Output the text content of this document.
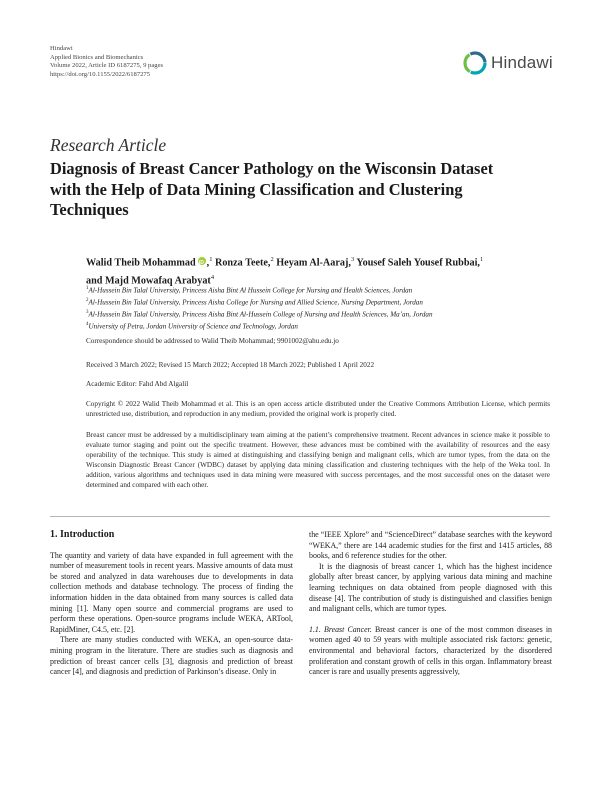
Hindawi
Applied Bionics and Biomechanics
Volume 2022, Article ID 6187275, 9 pages
https://doi.org/10.1155/2022/6187275
Hindawi
Research Article
Diagnosis of Breast Cancer Pathology on the Wisconsin Dataset with the Help of Data Mining Classification and Clustering Techniques
Walid Theib MohammadiD ,$^1$ Ronza Teete,$^2$ Heyam Al-Aaraj,$^3$ Yousef Saleh Yousef Rubbai,$^1$
and Majd Mowafaq Arabyat$^4$
$^1$Al-Hussein Bin Talal University, Princess Aisha Bint Al Hussein College for Nursing and Health Sciences, Jordan
$^2$Al-Hussein Bin Talal University, Princess Aisha College for Nursing and Allied Science, Nursing Department, Jordan
$^3$Al-Hussein Bin Talal University, Princess Aisha Bint Al-Hussein College of Nursing and Health Sciences, Ma’an, Jordan
$^4$University of Petra, Jordan University of Science and Technology, Jordan
Correspondence should be addressed to Walid Theib Mohammad; 9901002@ahu.edu.jo
Received 3 March 2022; Revised 15 March 2022; Accepted 18 March 2022; Published 1 April 2022
Academic Editor: Fahd Abd Algalil
Copyright © 2022 Walid Theib Mohammad et al. This is an open access article distributed under the Creative Commons Attribution License, which permits unrestricted use, distribution, and reproduction in any medium, provided the original work is properly cited.
Breast cancer must be addressed by a multidisciplinary team aiming at the patient’s comprehensive treatment. Recent advances in science make it possible to evaluate tumor staging and point out the specific treatment. However, these advances must be combined with the availability of resources and the easy operability of the technique. This study is aimed at distinguishing and classifying benign and malignant cells, which are tumor types, from the data on the Wisconsin Diagnostic Breast Cancer (WDBC) dataset by applying data mining classification and clustering techniques with the help of the Weka tool. In addition, various algorithms and techniques used in data mining were measured with success percentages, and the most successful ones on the dataset were determined and compared with each other.

1. Introduction

The quantity and variety of data have expanded in full agreement with the number of measurement tools in recent years. Massive amounts of data must be stored and analyzed in data warehouses due to developments in data collection methods and database technology. The process of finding the information hidden in the data obtained from many sources is called data mining [1]. Many open source and commercial programs are used to perform these operations. Open-source programs include WEKA, ARTool, RapidMiner, C4.5, etc. [2].

There are many studies conducted with WEKA, an open-source data-mining program in the literature. There are studies such as diagnosis and prediction of breast cancer cells [3], diagnosis and prediction of breast cancer [4], and diagnosis and prediction of Parkinson’s disease. Only in

the “IEEE Xplore” and “ScienceDirect” database searches with the keyword “WEKA,” there are 144 academic studies for the first and 1415 articles, 88 books, and 6 reference studies for the other.

It is the diagnosis of breast cancer 1, which has the highest incidence globally after breast cancer, by applying various data mining and machine learning techniques on data obtained from people diagnosed with this disease [4]. The contribution of study is distinguished and classifies benign and malignant cells, which are tumor types.

1.1. Breast Cancer. Breast cancer is one of the most common diseases in women aged 40 to 59 years with multiple associated risk factors: genetic, environmental and behavioral factors, characterized by the disordered proliferation and constant growth of cells in this organ. Inflammatory breast cancer is rare and usually presents aggressively,
